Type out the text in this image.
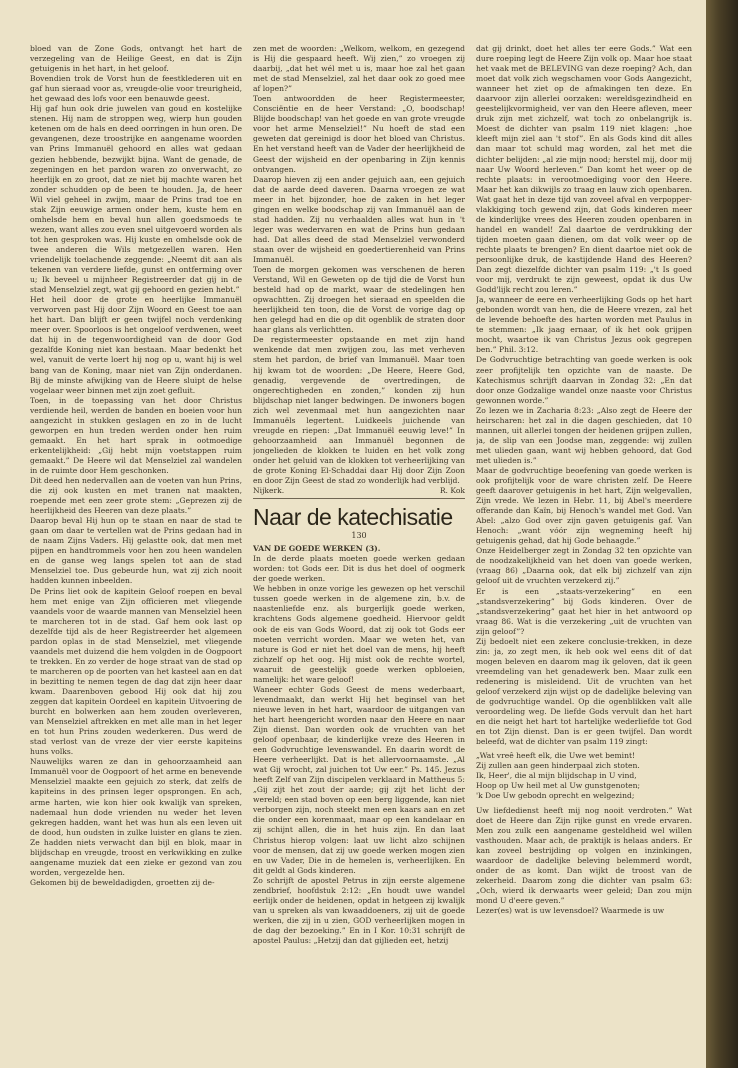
bloed van de Zone Gods, ontvangt het hart de verzegeling van de Heilige Geest, en dat is Zijn getuigenis in het hart, in het geloof.

Bovendien trok de Vorst hun de feestklederen uit en gaf hun sieraad voor as, vreugde-olie voor treurigheid, het gewaad des lofs voor een benauwde geest.

Hij gaf hun ook drie juwelen van goud en kostelijke stenen. Hij nam de stroppen weg, wierp hun gouden ketenen om de hals en deed oorringen in hun oren. De gevangenen, deze troostrijke en aangename woorden van Prins Immanuël gehoord en alles wat gedaan gezien hebbende, bezwijkt bijna. Want de genade, de zegeningen en het pardon waren zo onverwacht, zo heerlijk en zo groot, dat ze niet bij machte waren het zonder schudden op de been te houden. Ja, de heer Wil viel geheel in zwijm, maar de Prins trad toe en stak Zijn eeuwige armen onder hem, kuste hem en omhelsde hem en beval hun allen goedsmoeds te wezen, want alles zou even snel uitgevoerd worden als tot hen gesproken was. Hij kuste en omhelsde ook de twee anderen die Wils metgezellen waren. Hen vriendelijk toelachende zeggende: „Neemt dit aan als tekenen van verdere liefde, gunst en ontferming over u; Ik beveel u mijnheer Registreerder dat gij in de stad Menselziel zegt, wat gij gehoord en gezien hebt.”

Het heil door de grote en heerlijke Immanuël verworven past Hij door Zijn Woord en Geest toe aan het hart. Dan blijft er geen twijfel noch verdenking meer over. Spoorloos is het ongeloof verdwenen, weet dat hij in de tegenwoordigheid van de door God gezalfde Koning niet kan bestaan. Maar bedenkt het wel, vanuit de verte loert hij nog op u, want hij is wel bang van de Koning, maar niet van Zijn onderdanen. Bij de minste afwijking van de Heere sluipt de helse vogelaar weer binnen met zijn zoet gefluit.

Toen, in de toepassing van het door Christus verdiende heil, werden de banden en boeien voor hun aangezicht in stukken geslagen en zo in de lucht geworpen en hun treden werden onder hen ruim gemaakt. En het hart sprak in ootmoedige erkentelijkheid: „Gij hebt mijn voetstappen ruim gemaakt.” De Heere wil dat Menselziel zal wandelen in de ruimte door Hem geschonken.

Dit deed hen nedervallen aan de voeten van hun Prins, die zij ook kusten en met tranen nat maakten, roepende met een zeer grote stem: „Geprezen zij de heerlijkheid des Heeren van deze plaats.”

Daarop beval Hij hun op te staan en naar de stad te gaan om daar te vertellen wat de Prins gedaan had in de naam Zijns Vaders. Hij gelastte ook, dat men met pijpen en handtrommels voor hen zou heen wandelen en de ganse weg langs spelen tot aan de stad Menselziel toe. Dus gebeurde hun, wat zij zich nooit hadden kunnen inbeelden.

De Prins liet ook de kapitein Geloof roepen en beval hem met enige van Zijn officieren met vliegende vaandels voor de waarde mannen van Menselziel heen te marcheren tot in de stad. Gaf hem ook last op dezelfde tijd als de heer Registreerder het algemeen pardon oplas in de stad Menselziel, met vliegende vaandels met duizend die hem volgden in de Oogpoort te trekken. En zo verder de hoge straat van de stad op te marcheren op de poorten van het kasteel aan en dat in bezitting te nemen tegen de dag dat zijn heer daar kwam. Daarenboven gebood Hij ook dat hij zou zeggen dat kapitein Oordeel en kapitein Uitvoering de burcht en bolwerken aan hem zouden overleveren, van Menselziel aftrekken en met alle man in het leger en tot hun Prins zouden wederkeren. Dus werd de stad verlost van de vreze der vier eerste kapiteins huns volks.

Nauwelijks waren ze dan in gehoorzaamheid aan Immanuël voor de Oogpoort of het arme en benevende Menselziel maakte een gejuich zo sterk, dat zelfs de kapiteins in des prinsen leger opsprongen. En ach, arme harten, wie kon hier ook kwalijk van spreken, nademaal hun dode vrienden nu weder het leven gekregen hadden, want het was hun als een leven uit de dood, hun oudsten in zulke luister en glans te zien. Ze hadden niets verwacht dan bijl en blok, maar in blijdschap en vreugde, troost en verkwikking en zulke aangename muziek dat een zieke er gezond van zou worden, vergezelde hen.

Gekomen bij de beweldadigden, groetten zij de-

zen met de woorden: „Welkom, welkom, en gezegend is Hij die gespaard heeft. Wij zien,” zo vroegen zij daarbij, „dat het wél met u is, maar hoe zal het gaan met de stad Menselziel, zal het daar ook zo goed mee af lopen?”

Toen antwoordden de heer Registermeester, Consciëntie en de heer Verstand: „O, boodschap! Blijde boodschap! van het goede en van grote vreugde voor het arme Menselziel!” Nu hoeft de stad een geweten dat gereinigd is door het bloed van Christus. En het verstand heeft van de Vader der heerlijkheid de Geest der wijsheid en der openbaring in Zijn kennis ontvangen.

Daarop hieven zij een ander gejuich aan, een gejuich dat de aarde deed daveren. Daarna vroegen ze wat meer in het bijzonder, hoe de zaken in het leger gingen en welke boodschap zij van Immanuël aan de stad hadden. Zij nu verhaalden alles wat hun in 't leger was wedervaren en wat de Prins hun gedaan had. Dat alles deed de stad Menselziel verwonderd staan over de wijsheid en goedertierenheid van Prins Immanuël.

Toen de morgen gekomen was verschenen de heren Verstand, Wil en Geweten op de tijd die de Vorst hun besteld had op de markt, waar de stedelingen hen opwachtten. Zij droegen het sieraad en speelden die heerlijkheid ten toon, die de Vorst de vorige dag op hen gelegd had en die op dit ogenblik de straten door haar glans als verlichtten.

De registermeester opstaande en met zijn hand wenkende dat men zwijgen zou, las met verheven stem het pardon, de brief van Immanuël. Maar toen hij kwam tot de woorden: „De Heere, Heere God, genadig, vergevende de overtredingen, de ongerechtigheden en zonden,” konden zij hun blijdschap niet langer bedwingen. De inwoners bogen zich wel zevenmaal met hun aangezichten naar Immanuëls legertent. Luidkeels juichende van vreugde en riepen: „Dat Immanuël eeuwig leve!” In gehoorzaamheid aan Immanuël begonnen de jongelieden de klokken te luiden en het volk zong onder het geluid van de klokken tot verheerlijking van de grote Koning El-Schaddai daar Hij door Zijn Zoon en door Zijn Geest de stad zo wonderlijk had verblijd.

Nijkerk.	R. Kok
Naar de katechisatie
130
VAN DE GOEDE WERKEN (3).

In de derde plaats moeten goede werken gedaan worden: tot Gods eer. Dit is dus het doel of oogmerk der goede werken.

We hebben in onze vorige les gewezen op het verschil tussen goede werken in de algemene zin, b.v. de naastenliefde enz. als burgerlijk goede werken, krachtens Gods algemene goedheid. Hiervoor geldt ook de eis van Gods Woord, dat zij ook tot Gods eer moeten verricht worden. Maar we weten het, van nature is God er niet het doel van de mens, hij heeft zichzelf op het oog. Hij mist ook de rechte wortel, waaruit de geestelijk goede werken opbloeien, namelijk: het ware geloof!

Waneer echter Gods Geest de mens wederbaart, levendmaakt, dan werkt Hij het beginsel van het nieuwe leven in het hart, waardoor de uitgangen van het hart heengericht worden naar den Heere en naar Zijn dienst. Dan worden ook de vruchten van het geloof openbaar, de kinderlijke vreze des Heeren in een Godvruchtige levenswandel. En daarin wordt de Heere verheerlijkt. Dat is het allervoornaamste. „Al wat Gij wrocht, zal juichen tot Uw eer.” Ps. 145. Jezus heeft Zelf van Zijn discipelen verklaard in Mattheus 5: „Gij zijt het zout der aarde; gij zijt het licht der wereld; een stad boven op een berg liggende, kan niet verborgen zijn, noch steekt men een kaars aan en zet die onder een korenmaat, maar op een kandelaar en zij schijnt allen, die in het huis zijn. En dan laat Christus hierop volgen: laat uw licht alzo schijnen voor de mensen, dat zij uw goede werken mogen zien en uw Vader, Die in de hemelen is, verheerlijken. En dit geldt al Gods kinderen.

Zo schrijft de apostel Petrus in zijn eerste algemene zendbrief, hoofdstuk 2:12: „En houdt uwe wandel eerlijk onder de heidenen, opdat in hetgeen zij kwalijk van u spreken als van kwaaddoeners, zij uit de goede werken, die zij in u zien, GOD verheerlijken mogen in de dag der bezoeking.” En in I Kor. 10:31 schrijft de apostel Paulus: „Hetzij dan dat gijlieden eet, hetzij

dat gij drinkt, doet het alles ter eere Gods.” Wat een dure roeping legt de Heere Zijn volk op. Maar hoe staat het vaak met de BELEVING van deze roeping? Ach, dan moet dat volk zich wegschamen voor Gods Aangezicht, wanneer het ziet op de afmakingen ten deze. En daarvoor zijn allerlei oorzaken: wereldsgezindheid en geestelijkvormigheid, ver van den Heere afleven, meer druk zijn met zichzelf, wat toch zo onbelangrijk is. Moest de dichter van psalm 119 niet klagen: „hoe kleeft mijn ziel aan 't stof”. En als Gods kind dit alles dan maar tot schuld mag worden, zal het met die dichter belijden: „al zie mijn nood; herstel mij, door mij naar Uw Woord herleven.” Dan komt het weer op de rechte plaats: in verootmoediging voor den Heere. Maar het kan dikwijls zo traag en lauw zich openbaren. Wat gaat het in deze tijd van zoveel afval en verpoppervlakkiging toch gewend zijn, dat Gods kinderen meer de kinderlijke vrees des Heeren zouden openbaren in handel en wandel! Zal daartoe de verdrukking der tijden moeten gaan dienen, om dat volk weer op de rechte plaats te brengen? En dient daartoe niet ook de persoonlijke druk, de kastijdende Hand des Heeren? Dan zegt diezelfde dichter van psalm 119: „'t Is goed voor mij, verdrukt te zijn geweest, opdat ik dus Uw Godd'lijk recht zou leren.”

Ja, wanneer de eere en verheerlijking Gods op het hart gebonden wordt van hen, die de Heere vrezen, zal het de levende behoefte des harten worden met Paulus in te stemmen: „Ik jaag ernaar, of ik het ook grijpen mocht, waartoe ik van Christus Jezus ook gegrepen ben.” Phil. 3:12.

De Godvruchtige betrachting van goede werken is ook zeer profijtelijk ten opzichte van de naaste. De Katechismus schrijft daarvan in Zondag 32: „En dat door onze Godzalige wandel onze naaste voor Christus gewonnen worde.”

Zo lezen we in Zacharia 8:23: „Also zegt de Heere der heirscharen: het zal in die dagen geschieden, dat 10 mannen, uit allerlei tongen der heidenen grijpen zullen, ja, de slip van een Joodse man, zeggende: wij zullen met ulieden gaan, want wij hebben gehoord, dat God met ulieden is.”

Maar de godvruchtige beoefening van goede werken is ook profijtelijk voor de ware christen zelf. De Heere geeft daarover getuigenis in het hart, Zijn welgevallen, Zijn vrede. We lezen in Hebr. 11, bij Abel's meerdere offerande dan Kaïn, bij Henoch's wandel met God. Van Abel: „alzo God over zijn gaven getuigenis gaf. Van Henoch: „want vóór zijn wegneming heeft hij getuigenis gehad, dat hij Gode behaagde.”

Onze Heidelberger zegt in Zondag 32 ten opzichte van de noodzakelijkheid van het doen van goede werken, (vraag 86) „Daarna ook, dat elk bij zichzelf van zijn geloof uit de vruchten verzekerd zij.”

Er is een „staats-verzekering” en een „standsverzekering” bij Gods kinderen. Over de „standsverzekering” gaat het hier in het antwoord op vraag 86. Wat is die verzekering „uit de vruchten van zijn geloof”?

Zij bedoelt niet een zekere conclusie-trekken, in deze zin: ja, zo zegt men, ik heb ook wel eens dit of dat mogen beleven en daarom mag ik geloven, dat ik geen vreemdeling van het genadewerk ben. Maar zulk een redenering is misleidend. Uit de vruchten van het geloof verzekerd zijn wijst op de dadelijke beleving van de godvruchtige wandel. Op die ogenblikken valt alle veroordeling weg. De liefde Gods vervult dan het hart en die neigt het hart tot hartelijke wederliefde tot God en tot Zijn dienst. Dan is er geen twijfel. Dan wordt beleefd, wat de dichter van psalm 119 zingt:

„Wat vreê heeft elk, die Uwe wet bemint!
Zij zullen aan geen hinderpaal zich stoten.
Ik, Heer', die al mijn blijdschap in U vind,
Hoop op Uw heil met al Uw gunstgenoten;
'k Doe Uw gebodn oprecht en welgezind;

Uw liefdedienst heeft mij nog nooit verdroten.” Wat doet de Heere dan Zijn rijke gunst en vrede ervaren. Men zou zulk een aangename gesteldheid wel willen vasthouden. Maar ach, de praktijk is helaas anders. Er kan zoveel bestrijding op volgen en inzinkingen, waardoor de dadelijke beleving belemmerd wordt, onder de as komt. Dan wijkt de troost van de zekerheid. Daarom zong die dichter van psalm 63: „Och, wierd ik derwaarts weer geleid; Dan zou mijn mond U d'eere geven.”

Lezer(es) wat is uw levensdoel? Waarmede is uw
